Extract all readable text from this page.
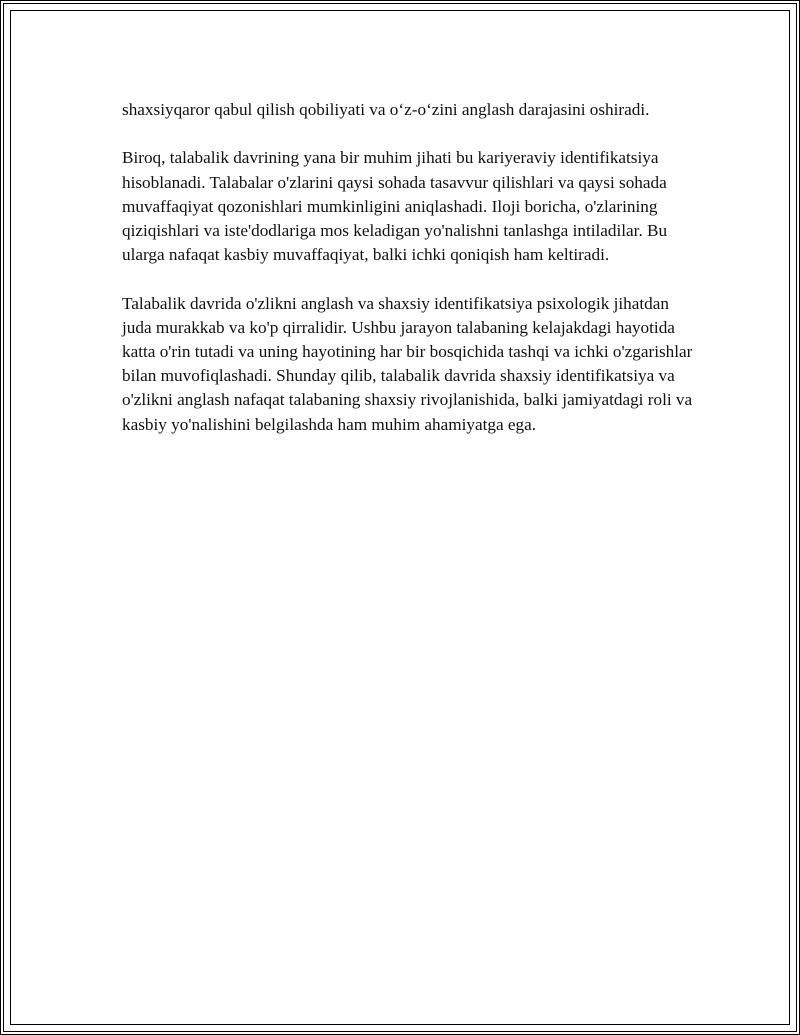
shaxsiyqaror qabul qilish qobiliyati va o‘z-o‘zini anglash darajasini oshiradi.

Biroq, talabalik davrining yana bir muhim jihati bu kariyeraviy identifikatsiya hisoblanadi. Talabalar o'zlarini qaysi sohada tasavvur qilishlari va qaysi sohada muvaffaqiyat qozonishlari mumkinligini aniqlashadi. Iloji boricha, o'zlarining qiziqishlari va iste'dodlariga mos keladigan yo'nalishni tanlashga intiladilar. Bu ularga nafaqat kasbiy muvaffaqiyat, balki ichki qoniqish ham keltiradi.

Talabalik davrida o'zlikni anglash va shaxsiy identifikatsiya psixologik jihatdan juda murakkab va ko'p qirralidir. Ushbu jarayon talabaning kelajakdagi hayotida katta o'rin tutadi va uning hayotining har bir bosqichida tashqi va ichki o'zgarishlar bilan muvofiqlashadi. Shunday qilib, talabalik davrida shaxsiy identifikatsiya va o'zlikni anglash nafaqat talabaning shaxsiy rivojlanishida, balki jamiyatdagi roli va kasbiy yo'nalishini belgilashda ham muhim ahamiyatga ega.
